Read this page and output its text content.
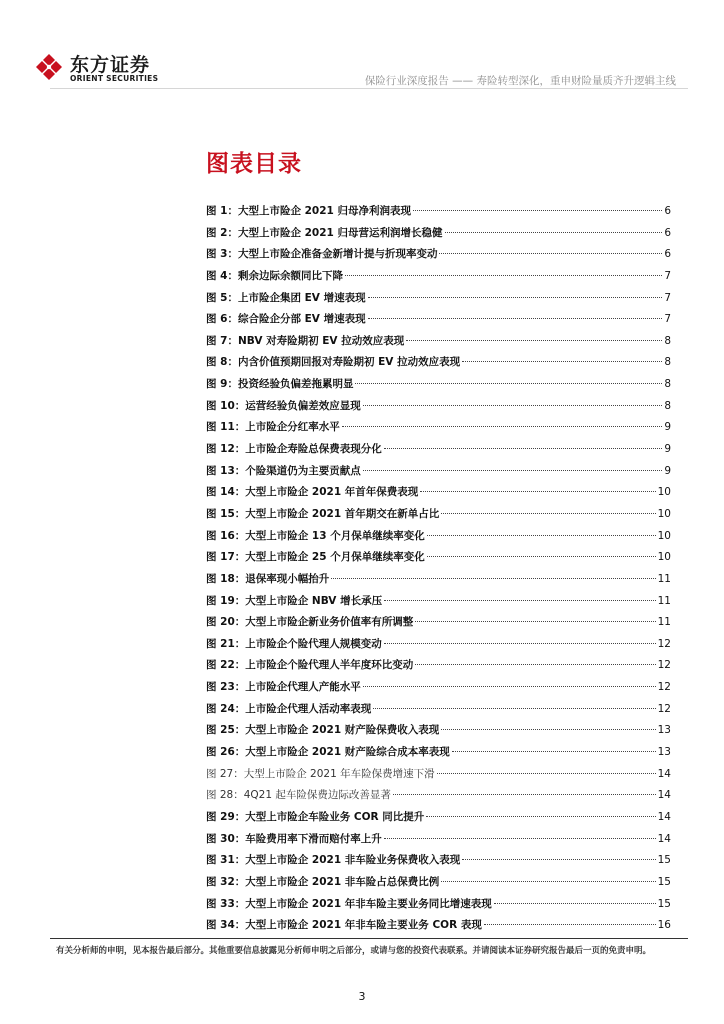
东方证券
ORIENT SECURITIES	保险行业深度报告 —— 寿险转型深化，重申财险量质齐升逻辑主线
图表目录
图 1：大型上市险企 2021 归母净利润表现	6
图 2：大型上市险企 2021 归母营运利润增长稳健	6
图 3：大型上市险企准备金新增计提与折现率变动	6
图 4：剩余边际余额同比下降	7
图 5：上市险企集团 EV 增速表现	7
图 6：综合险企分部 EV 增速表现	7
图 7：NBV 对寿险期初 EV 拉动效应表现	8
图 8：内含价值预期回报对寿险期初 EV 拉动效应表现	8
图 9：投资经验负偏差拖累明显	8
图 10：运营经验负偏差效应显现	8
图 11：上市险企分红率水平	9
图 12：上市险企寿险总保费表现分化	9
图 13：个险渠道仍为主要贡献点	9
图 14：大型上市险企 2021 年首年保费表现	10
图 15：大型上市险企 2021 首年期交在新单占比	10
图 16：大型上市险企 13 个月保单继续率变化	10
图 17：大型上市险企 25 个月保单继续率变化	10
图 18：退保率现小幅抬升	11
图 19：大型上市险企 NBV 增长承压	11
图 20：大型上市险企新业务价值率有所调整	11
图 21：上市险企个险代理人规模变动	12
图 22：上市险企个险代理人半年度环比变动	12
图 23：上市险企代理人产能水平	12
图 24：上市险企代理人活动率表现	12
图 25：大型上市险企 2021 财产险保费收入表现	13
图 26：大型上市险企 2021 财产险综合成本率表现	13
图 27：大型上市险企 2021 年车险保费增速下滑	14
图 28：4Q21 起车险保费边际改善显著	14
图 29：大型上市险企车险业务 COR 同比提升	14
图 30：车险费用率下滑而赔付率上升	14
图 31：大型上市险企 2021 非车险业务保费收入表现	15
图 32：大型上市险企 2021 非车险占总保费比例	15
图 33：大型上市险企 2021 年非车险主要业务同比增速表现	15
图 34：大型上市险企 2021 年非车险主要业务 COR 表现	16
有关分析师的申明，见本报告最后部分。其他重要信息披露见分析师申明之后部分，或请与您的投资代表联系。并请阅读本证券研究报告最后一页的免责申明。
3
